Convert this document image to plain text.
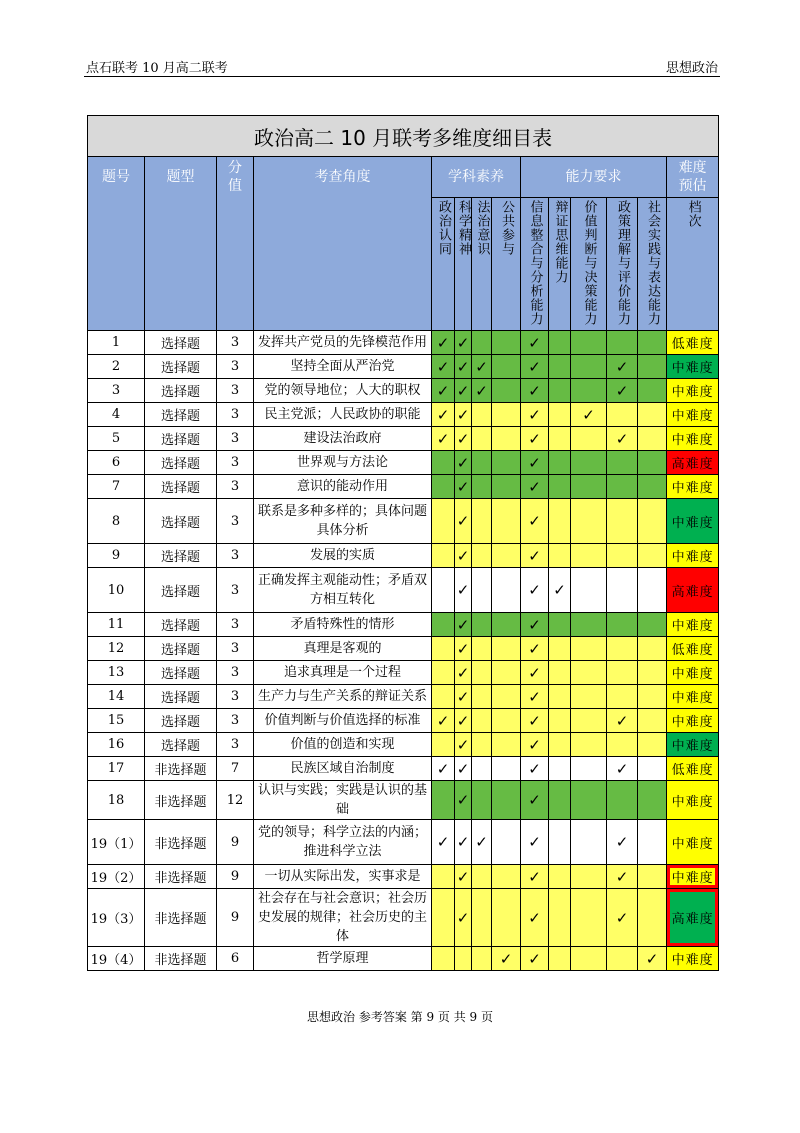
点石联考 10 月高二联考	思想政治
政治高二 10 月联考多维度细目表													
题号	题型	分值	考查角度	学科素养				能力要求					难度预估
				政治认同	科学精神	法治意识	公共参与	信息整合与分析能力	辩证思维能力	价值判断与决策能力	政策理解与评价能力	社会实践与表达能力	档次
1	选择题	3	发挥共产党员的先锋模范作用	✓	✓			✓					低难度
2	选择题	3	坚持全面从严治党	✓	✓	✓		✓			✓		中难度
3	选择题	3	党的领导地位；人大的职权	✓	✓	✓		✓			✓		中难度
4	选择题	3	民主党派；人民政协的职能	✓	✓			✓		✓			中难度
5	选择题	3	建设法治政府	✓	✓			✓			✓		中难度
6	选择题	3	世界观与方法论		✓			✓					高难度
7	选择题	3	意识的能动作用		✓			✓					中难度
8	选择题	3	联系是多种多样的；具体问题具体分析		✓			✓					中难度
9	选择题	3	发展的实质		✓			✓					中难度
10	选择题	3	正确发挥主观能动性；矛盾双方相互转化		✓			✓	✓				高难度
11	选择题	3	矛盾特殊性的情形		✓			✓					中难度
12	选择题	3	真理是客观的		✓			✓					低难度
13	选择题	3	追求真理是一个过程		✓			✓					中难度
14	选择题	3	生产力与生产关系的辩证关系		✓			✓					中难度
15	选择题	3	价值判断与价值选择的标准	✓	✓			✓			✓		中难度
16	选择题	3	价值的创造和实现		✓			✓					中难度
17	非选择题	7	民族区域自治制度	✓	✓			✓			✓		低难度
18	非选择题	12	认识与实践；实践是认识的基础		✓			✓					中难度
19（1）	非选择题	9	党的领导；科学立法的内涵；推进科学立法	✓	✓	✓		✓			✓		中难度
19（2）	非选择题	9	一切从实际出发，实事求是		✓			✓			✓		中难度
19（3）	非选择题	9	社会存在与社会意识；社会历史发展的规律；社会历史的主体		✓			✓			✓		高难度
19（4）	非选择题	6	哲学原理				✓	✓				✓	中难度
思想政治 参考答案 第 9 页 共 9 页
